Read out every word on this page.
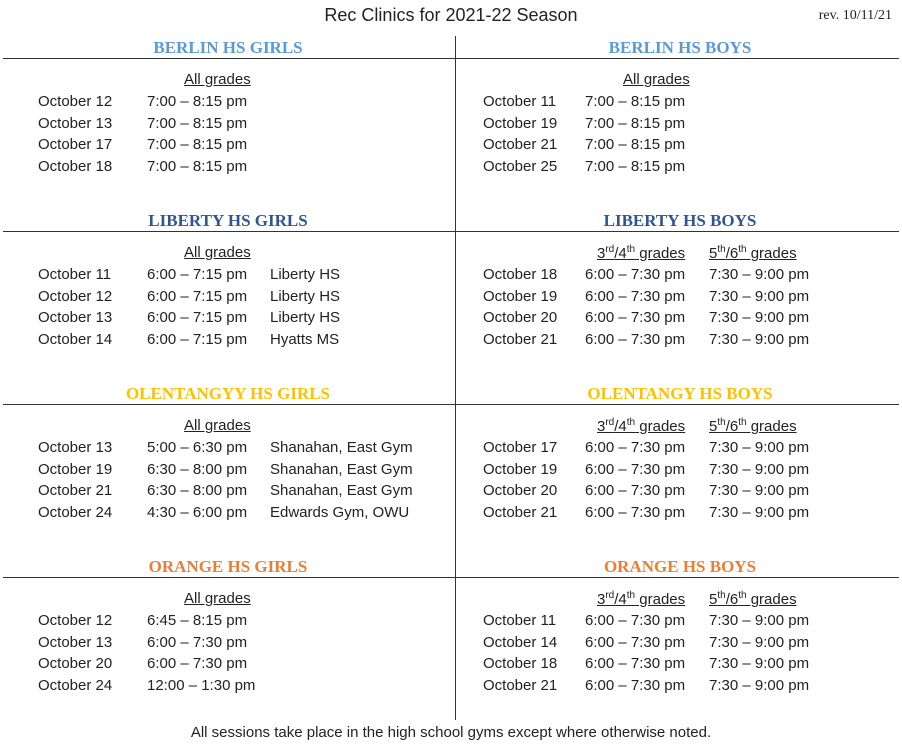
Rec Clinics for 2021-22 Season	rev. 10/11/21
BERLIN HS GIRLS
All grades
October 12 7:00 – 8:15 pm
October 13 7:00 – 8:15 pm
October 17 7:00 – 8:15 pm
October 18 7:00 – 8:15 pm
BERLIN HS BOYS
All grades
October 11 7:00 – 8:15 pm
October 19 7:00 – 8:15 pm
October 21 7:00 – 8:15 pm
October 25 7:00 – 8:15 pm
LIBERTY HS GIRLS
All grades
October 11 6:00 – 7:15 pm Liberty HS
October 12 6:00 – 7:15 pm Liberty HS
October 13 6:00 – 7:15 pm Liberty HS
October 14 6:00 – 7:15 pm Hyatts MS
LIBERTY HS BOYS
3rd/4th grades 5th/6th grades
October 18 6:00 – 7:30 pm 7:30 – 9:00 pm
October 19 6:00 – 7:30 pm 7:30 – 9:00 pm
October 20 6:00 – 7:30 pm 7:30 – 9:00 pm
October 21 6:00 – 7:30 pm 7:30 – 9:00 pm
OLENTANGYY HS GIRLS
All grades
October 13 5:00 – 6:30 pm Shanahan, East Gym
October 19 6:30 – 8:00 pm Shanahan, East Gym
October 21 6:30 – 8:00 pm Shanahan, East Gym
October 24 4:30 – 6:00 pm Edwards Gym, OWU
OLENTANGY HS BOYS
3rd/4th grades 5th/6th grades
October 17 6:00 – 7:30 pm 7:30 – 9:00 pm
October 19 6:00 – 7:30 pm 7:30 – 9:00 pm
October 20 6:00 – 7:30 pm 7:30 – 9:00 pm
October 21 6:00 – 7:30 pm 7:30 – 9:00 pm
ORANGE HS GIRLS
All grades
October 12 6:45 – 8:15 pm
October 13 6:00 – 7:30 pm
October 20 6:00 – 7:30 pm
October 24 12:00 – 1:30 pm
ORANGE HS BOYS
3rd/4th grades 5th/6th grades
October 11 6:00 – 7:30 pm 7:30 – 9:00 pm
October 14 6:00 – 7:30 pm 7:30 – 9:00 pm
October 18 6:00 – 7:30 pm 7:30 – 9:00 pm
October 21 6:00 – 7:30 pm 7:30 – 9:00 pm
All sessions take place in the high school gyms except where otherwise noted.
